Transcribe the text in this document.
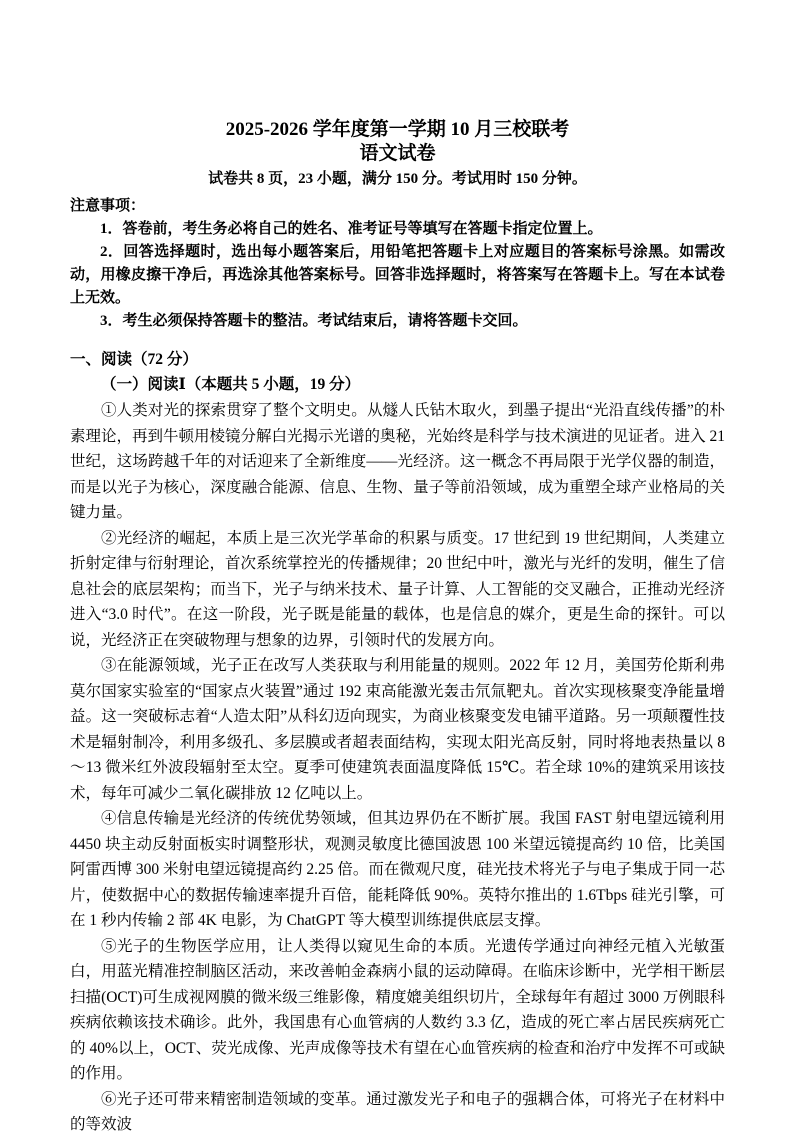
2025-2026 学年度第一学期 10 月三校联考
语文试卷

试卷共 8 页，23 小题，满分 150 分。考试用时 150 分钟。

注意事项：

1．答卷前，考生务必将自己的姓名、准考证号等填写在答题卡指定位置上。

2．回答选择题时，选出每小题答案后，用铅笔把答题卡上对应题目的答案标号涂黑。如需改动，用橡皮擦干净后，再选涂其他答案标号。回答非选择题时，将答案写在答题卡上。写在本试卷上无效。

3．考生必须保持答题卡的整洁。考试结束后，请将答题卡交回。

一、阅读（72 分）

（一）阅读Ⅰ（本题共 5 小题，19 分）

①人类对光的探索贯穿了整个文明史。从燧人氏钻木取火，到墨子提出“光沿直线传播”的朴素理论，再到牛顿用棱镜分解白光揭示光谱的奥秘，光始终是科学与技术演进的见证者。进入 21 世纪，这场跨越千年的对话迎来了全新维度——光经济。这一概念不再局限于光学仪器的制造，而是以光子为核心，深度融合能源、信息、生物、量子等前沿领域，成为重塑全球产业格局的关键力量。

②光经济的崛起，本质上是三次光学革命的积累与质变。17 世纪到 19 世纪期间，人类建立折射定律与衍射理论，首次系统掌控光的传播规律；20 世纪中叶，激光与光纤的发明，催生了信息社会的底层架构；而当下，光子与纳米技术、量子计算、人工智能的交叉融合，正推动光经济进入“3.0 时代”。在这一阶段，光子既是能量的载体，也是信息的媒介，更是生命的探针。可以说，光经济正在突破物理与想象的边界，引领时代的发展方向。

③在能源领域，光子正在改写人类获取与利用能量的规则。2022 年 12 月，美国劳伦斯利弗莫尔国家实验室的“国家点火装置”通过 192 束高能激光轰击氘氚靶丸。首次实现核聚变净能量增益。这一突破标志着“人造太阳”从科幻迈向现实，为商业核聚变发电铺平道路。另一项颠覆性技术是辐射制冷，利用多级孔、多层膜或者超表面结构，实现太阳光高反射，同时将地表热量以 8～13 微米红外波段辐射至太空。夏季可使建筑表面温度降低 15℃。若全球 10%的建筑采用该技术，每年可减少二氧化碳排放 12 亿吨以上。

④信息传输是光经济的传统优势领域，但其边界仍在不断扩展。我国 FAST 射电望远镜利用 4450 块主动反射面板实时调整形状，观测灵敏度比德国波恩 100 米望远镜提高约 10 倍，比美国阿雷西博 300 米射电望远镜提高约 2.25 倍。而在微观尺度，硅光技术将光子与电子集成于同一芯片，使数据中心的数据传输速率提升百倍，能耗降低 90%。英特尔推出的 1.6Tbps 硅光引擎，可在 1 秒内传输 2 部 4K 电影，为 ChatGPT 等大模型训练提供底层支撑。

⑤光子的生物医学应用，让人类得以窥见生命的本质。光遗传学通过向神经元植入光敏蛋白，用蓝光精准控制脑区活动，来改善帕金森病小鼠的运动障碍。在临床诊断中，光学相干断层扫描(OCT)可生成视网膜的微米级三维影像，精度媲美组织切片，全球每年有超过 3000 万例眼科疾病依赖该技术确诊。此外，我国患有心血管病的人数约 3.3 亿，造成的死亡率占居民疾病死亡的 40%以上，OCT、荧光成像、光声成像等技术有望在心血管疾病的检查和治疗中发挥不可或缺的作用。

⑥光子还可带来精密制造领域的变革。通过激发光子和电子的强耦合体，可将光子在材料中的等效波
